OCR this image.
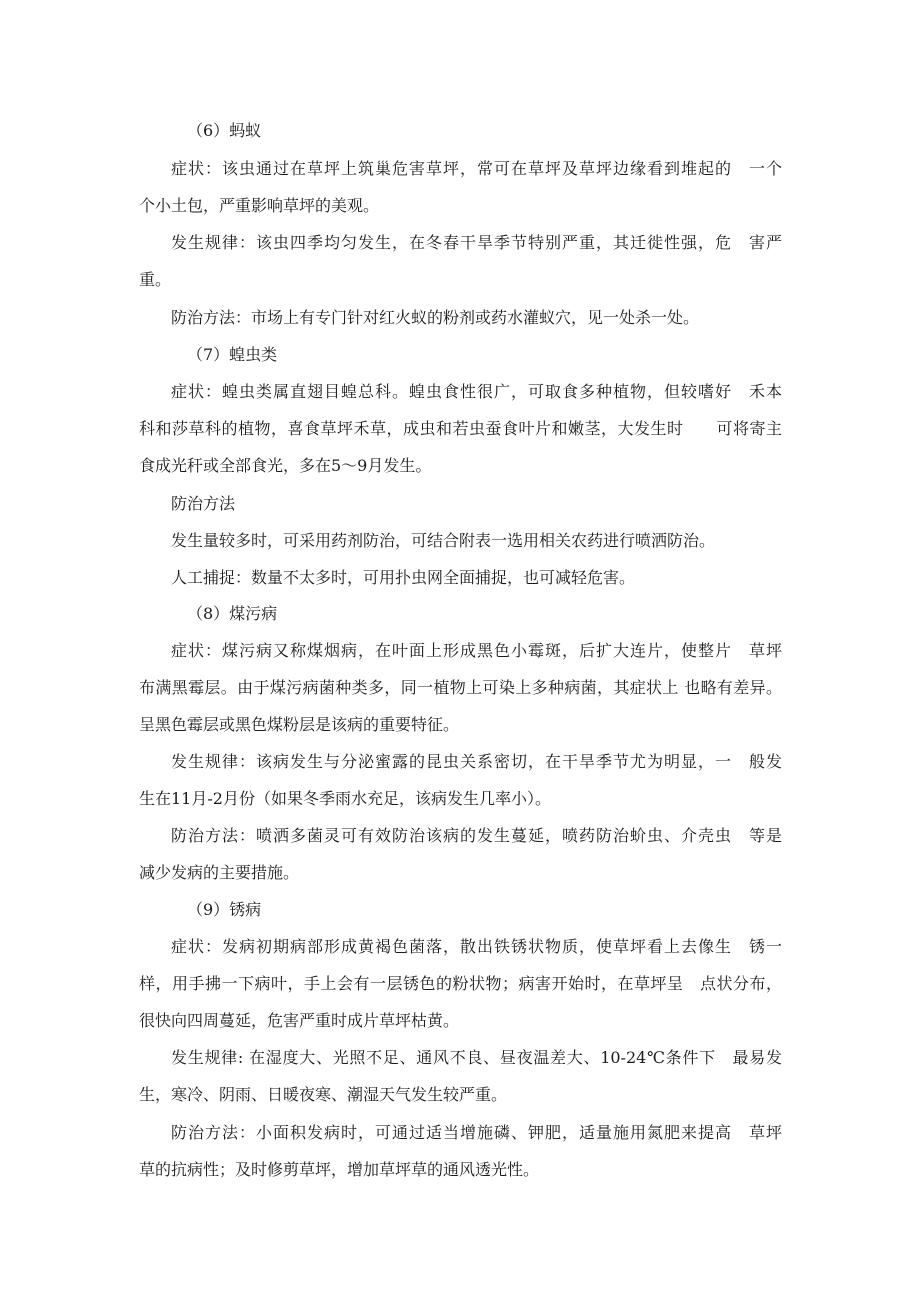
（6）蚂蚁

症状：该虫通过在草坪上筑巢危害草坪，常可在草坪及草坪边缘看到堆起的　一个

个小土包，严重影响草坪的美观。

发生规律：该虫四季均匀发生，在冬春干旱季节特别严重，其迁徙性强，危　害严

重。

防治方法：市场上有专门针对红火蚁的粉剂或药水灌蚁穴，见一处杀一处。

（7）蝗虫类

症状：蝗虫类属直翅目蝗总科。蝗虫食性很广，可取食多种植物，但较嗜好　禾本

科和莎草科的植物，喜食草坪禾草，成虫和若虫蚕食叶片和嫩茎，大发生时　　可将寄主

食成光秆或全部食光，多在5～9月发生。

防治方法

发生量较多时，可采用药剂防治，可结合附表一选用相关农药进行喷洒防治。

人工捕捉：数量不太多时，可用扑虫网全面捕捉，也可减轻危害。

（8）煤污病

症状：煤污病又称煤烟病，在叶面上形成黑色小霉斑，后扩大连片，使整片　草坪

布满黑霉层。由于煤污病菌种类多，同一植物上可染上多种病菌，其症状上 也略有差异。

呈黑色霉层或黑色煤粉层是该病的重要特征。

发生规律：该病发生与分泌蜜露的昆虫关系密切，在干旱季节尤为明显，一　般发

生在11月-2月份（如果冬季雨水充足，该病发生几率小）。

防治方法：喷洒多菌灵可有效防治该病的发生蔓延，喷药防治蚧虫、介壳虫　等是

减少发病的主要措施。

（9）锈病

症状：发病初期病部形成黄褐色菌落，散出铁锈状物质，使草坪看上去像生　锈一

样，用手拂一下病叶，手上会有一层锈色的粉状物；病害开始时，在草坪呈　点状分布，

很快向四周蔓延，危害严重时成片草坪枯黄。

发生规律: 在湿度大、光照不足、通风不良、昼夜温差大、10-24℃条件下　最易发

生，寒冷、阴雨、日暖夜寒、潮湿天气发生较严重。

防治方法：小面积发病时，可通过适当增施磷、钾肥，适量施用氮肥来提高　草坪

草的抗病性；及时修剪草坪，增加草坪草的通风透光性。
